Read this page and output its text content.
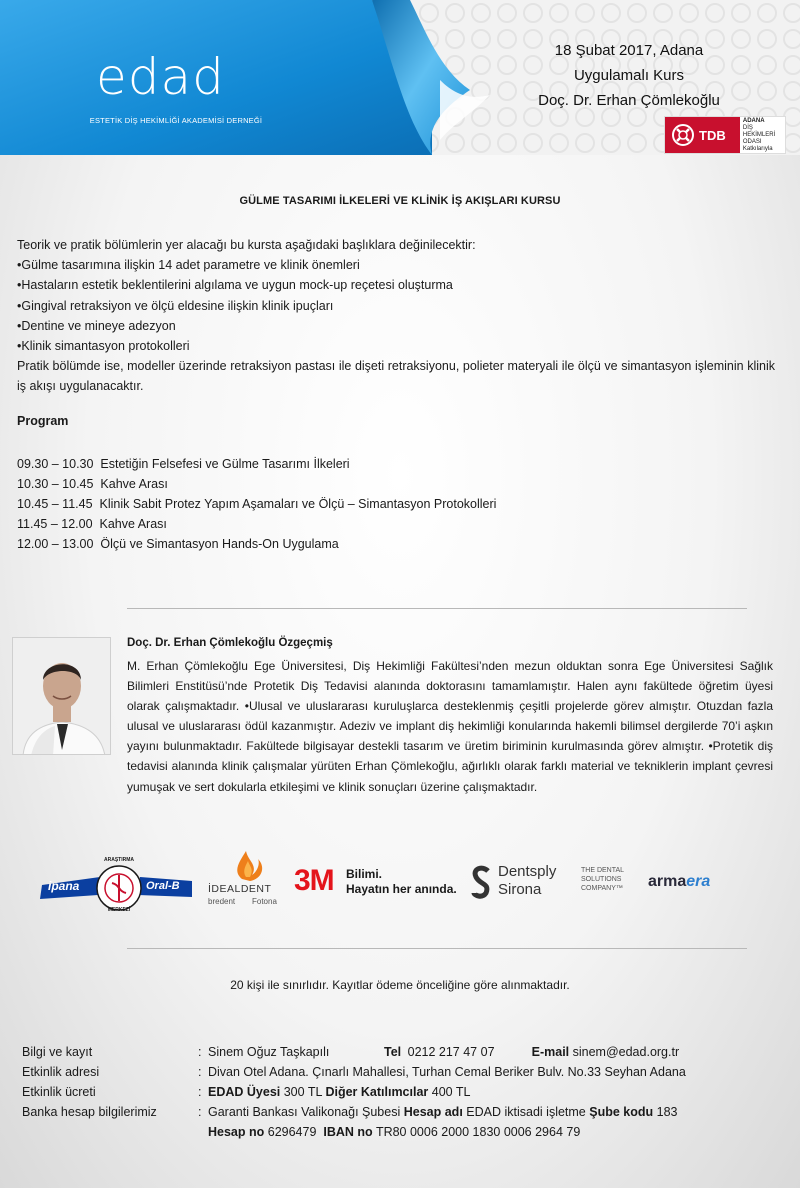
edad
ESTETİK DİŞ HEKİMLİĞİ AKADEMİSİ DERNEĞİ
18 Şubat 2017, Adana
Uygulamalı Kurs
Doç. Dr. Erhan Çömlekoğlu
TDB
ADANA
DİŞ HEKİMLERİ
ODASI
Katkılarıyla
GÜLME TASARIMI İLKELERİ VE KLİNİK İŞ AKIŞLARI KURSU
Teorik ve pratik bölümlerin yer alacağı bu kursta aşağıdaki başlıklara değinilecektir:
• Gülme tasarımına ilişkin 14 adet parametre ve klinik önemleri
• Hastaların estetik beklentilerini algılama ve uygun mock-up reçetesi oluşturma
• Gingival retraksiyon ve ölçü eldesine ilişkin klinik ipuçları
• Dentine ve mineye adezyon
• Klinik simantasyon protokolleri
Pratik bölümde ise, modeller üzerinde retraksiyon pastası ile dişeti retraksiyonu, polieter materyali ile ölçü ve simantasyon işleminin klinik iş akışı uygulanacaktır.
Program
09.30 – 10.30 Estetiğin Felsefesi ve Gülme Tasarımı İlkeleri
10.30 – 10.45 Kahve Arası
10.45 – 11.45 Klinik Sabit Protez Yapım Aşamaları ve Ölçü – Simantasyon Protokolleri
11.45 – 12.00 Kahve Arası
12.00 – 13.00 Ölçü ve Simantasyon Hands-On Uygulama
Doç. Dr. Erhan Çömlekoğlu Özgeçmiş
M. Erhan Çömlekoğlu Ege Üniversitesi, Diş Hekimliği Fakültesi’nden mezun olduktan sonra Ege Üniversitesi Sağlık Bilimleri Enstitüsü’nde Protetik Diş Tedavisi alanında doktorasını tamamlamıştır. Halen aynı fakültede öğretim üyesi olarak çalışmaktadır. •Ulusal ve uluslararası kuruluşlarca desteklenmiş çeşitli projelerde görev almıştır. Otuzdan fazla ulusal ve uluslararası ödül kazanmıştır. Adeziv ve implant diş hekimliği konularında hakemli bilimsel dergilerde 70’i aşkın yayını bulunmaktadır. Fakültede bilgisayar destekli tasarım ve üretim biriminin kurulmasında görev almıştır. •Protetik diş tedavisi alanında klinik çalışmalar yürüten Erhan Çömlekoğlu, ağırlıklı olarak farklı material ve tekniklerin implant çevresi yumuşak ve sert dokularla etkileşimi ve klinik sonuçları üzerine çalışmaktadır.
ipana
ARAŞTIRMA
MERKEZİ
Oral-B	İDEALDENT
bredent Fotona
3M Bilimi.
Hayatın her anında.
Dentsply
Sirona
THE DENTAL
SOLUTIONS
COMPANY™ armaera
20 kişi ile sınırlıdır. Kayıtlar ödeme önceliğine göre alınmaktadır.
Bilgi ve kayıt	: Sinem Oğuz Taşkapılı	Tel 0212 217 47 07	E-mail sinem@edad.org.tr
Etkinlik adresi	: Divan Otel Adana. Çınarlı Mahallesi, Turhan Cemal Beriker Bulv. No.33 Seyhan Adana
Etkinlik ücreti	: EDAD Üyesi 300 TL Diğer Katılımcılar 400 TL
Banka hesap bilgilerimiz	: Garanti Bankası Valikonağı Şubesi Hesap adı EDAD iktisadi işletme Şube kodu 183
Hesap no 6296479 IBAN no TR80 0006 2000 1830 0006 2964 79
